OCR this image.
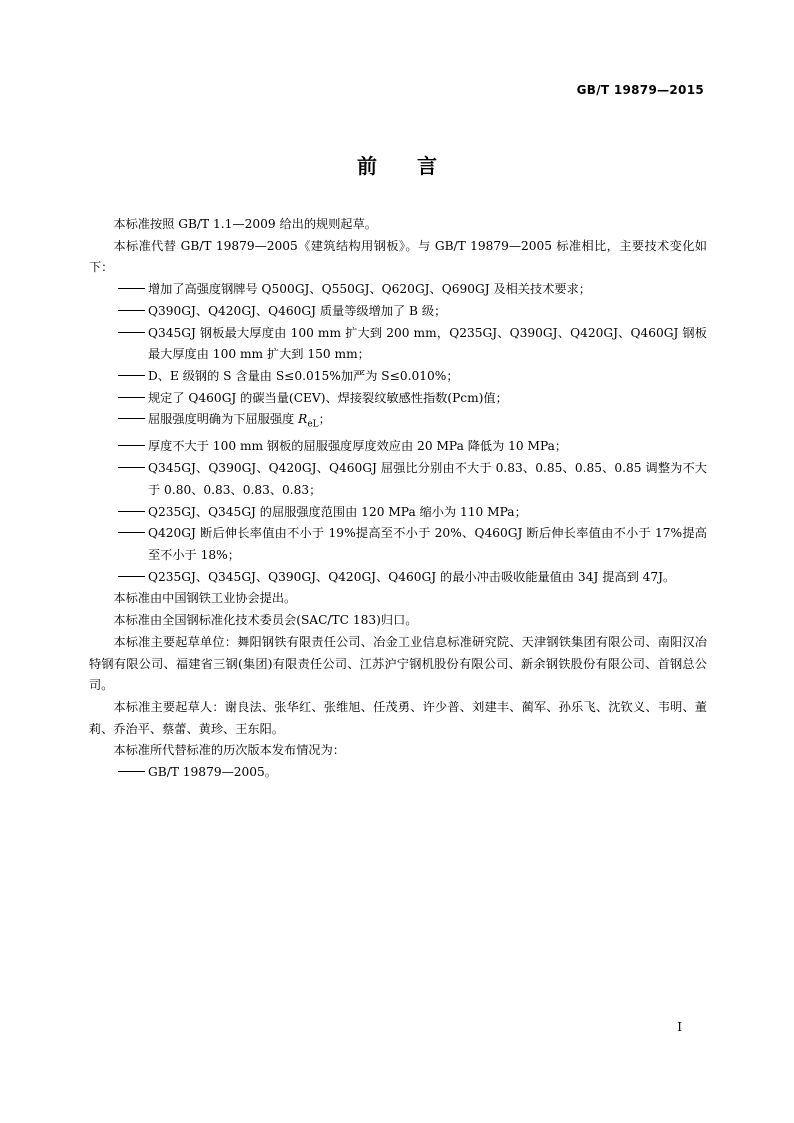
GB/T 19879—2015
前言

本标准按照 GB/T 1.1—2009 给出的规则起草。

本标准代替 GB/T 19879—2005《建筑结构用钢板》。与 GB/T 19879—2005 标准相比，主要技术变化如下：

增加了高强度钢牌号 Q500GJ、Q550GJ、Q620GJ、Q690GJ 及相关技术要求；

Q390GJ、Q420GJ、Q460GJ 质量等级增加了 B 级；

Q345GJ 钢板最大厚度由 100 mm 扩大到 200 mm，Q235GJ、Q390GJ、Q420GJ、Q460GJ 钢板最大厚度由 100 mm 扩大到 150 mm；

D、E 级钢的 S 含量由 S≤0.015%加严为 S≤0.010%；

规定了 Q460GJ 的碳当量(CEV)、焊接裂纹敏感性指数(Pcm)值；

屈服强度明确为下屈服强度 $R_{eL}$；

厚度不大于 100 mm 钢板的屈服强度厚度效应由 20 MPa 降低为 10 MPa；

Q345GJ、Q390GJ、Q420GJ、Q460GJ 屈强比分别由不大于 0.83、0.85、0.85、0.85 调整为不大于 0.80、0.83、0.83、0.83；

Q235GJ、Q345GJ 的屈服强度范围由 120 MPa 缩小为 110 MPa；

Q420GJ 断后伸长率值由不小于 19%提高至不小于 20%、Q460GJ 断后伸长率值由不小于 17%提高至不小于 18%；

Q235GJ、Q345GJ、Q390GJ、Q420GJ、Q460GJ 的最小冲击吸收能量值由 34J 提高到 47J。

本标准由中国钢铁工业协会提出。

本标准由全国钢标准化技术委员会(SAC/TC 183)归口。

本标准主要起草单位：舞阳钢铁有限责任公司、冶金工业信息标准研究院、天津钢铁集团有限公司、南阳汉冶特钢有限公司、福建省三钢(集团)有限责任公司、江苏沪宁钢机股份有限公司、新余钢铁股份有限公司、首钢总公司。

本标准主要起草人：谢良法、张华红、张维旭、任茂勇、许少普、刘建丰、蔺军、孙乐飞、沈钦义、韦明、董莉、乔治平、蔡蕾、黄珍、王东阳。

本标准所代替标准的历次版本发布情况为：

GB/T 19879—2005。

I
